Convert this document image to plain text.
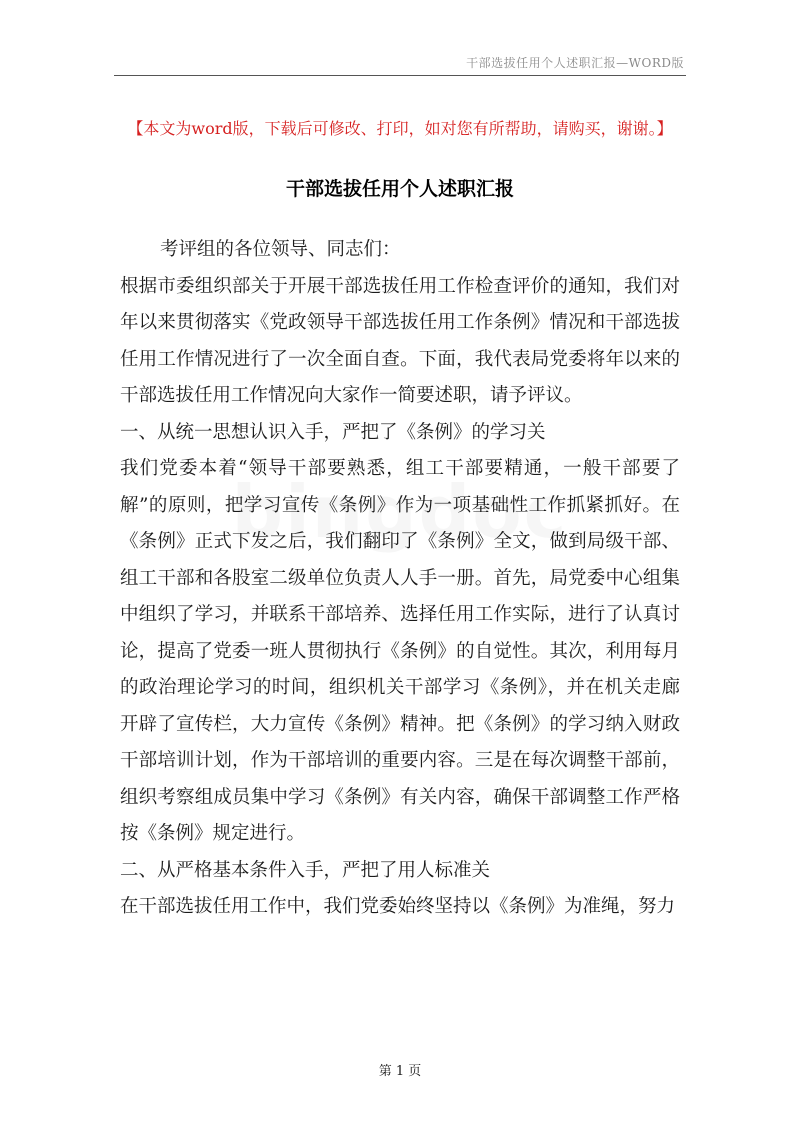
干部选拔任用个人述职汇报—WORD版
【本文为word版，下载后可修改、打印，如对您有所帮助，请购买，谢谢。】
干部选拔任用个人述职汇报

考评组的各位领导、同志们：

根据市委组织部关于开展干部选拔任用工作检查评价的通知，我们对年以来贯彻落实《党政领导干部选拔任用工作条例》情况和干部选拔任用工作情况进行了一次全面自查。下面，我代表局党委将年以来的干部选拔任用工作情况向大家作一简要述职，请予评议。

一、从统一思想认识入手，严把了《条例》的学习关

我们党委本着“领导干部要熟悉，组工干部要精通，一般干部要了解”的原则，把学习宣传《条例》作为一项基础性工作抓紧抓好。在《条例》正式下发之后，我们翻印了《条例》全文，做到局级干部、组工干部和各股室二级单位负责人人手一册。首先，局党委中心组集中组织了学习，并联系干部培养、选择任用工作实际，进行了认真讨论，提高了党委一班人贯彻执行《条例》的自觉性。其次，利用每月的政治理论学习的时间，组织机关干部学习《条例》，并在机关走廊开辟了宣传栏，大力宣传《条例》精神。把《条例》的学习纳入财政干部培训计划，作为干部培训的重要内容。三是在每次调整干部前，组织考察组成员集中学习《条例》有关内容，确保干部调整工作严格按《条例》规定进行。

二、从严格基本条件入手，严把了用人标准关

在干部选拔任用工作中，我们党委始终坚持以《条例》为准绳，努力

第 1 页
